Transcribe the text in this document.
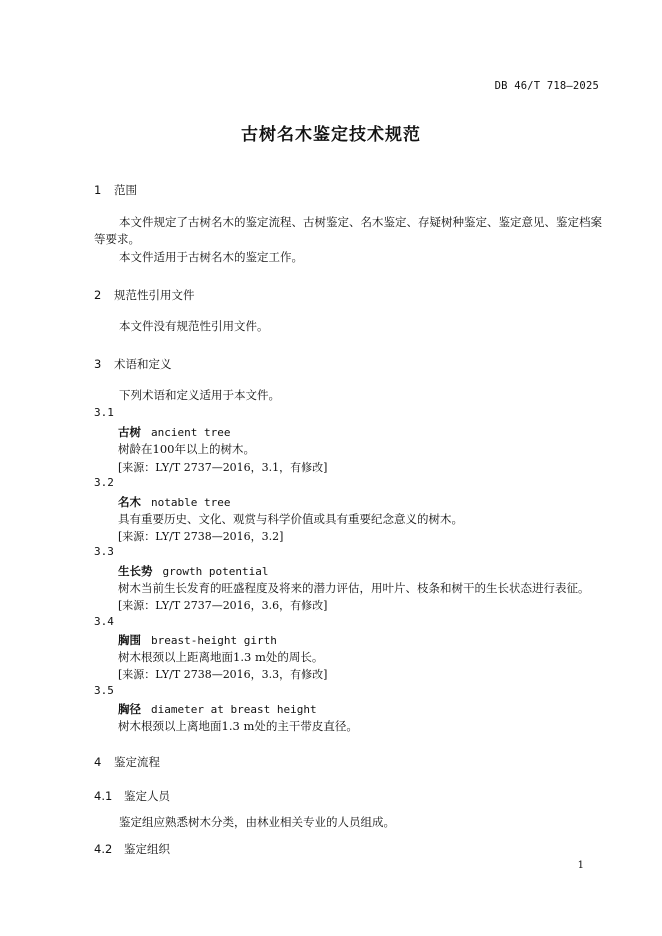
DB 46/T 718—2025
古树名木鉴定技术规范
1 范围
本文件规定了古树名木的鉴定流程、古树鉴定、名木鉴定、存疑树种鉴定、鉴定意见、鉴定档案等要求。
本文件适用于古树名木的鉴定工作。
2 规范性引用文件
本文件没有规范性引用文件。
3 术语和定义
下列术语和定义适用于本文件。
3.1
古树 ancient tree
树龄在100年以上的树木。
[来源：LY/T 2737—2016，3.1，有修改]
3.2
名木 notable tree
具有重要历史、文化、观赏与科学价值或具有重要纪念意义的树木。
[来源：LY/T 2738—2016，3.2]
3.3
生长势 growth potential
树木当前生长发育的旺盛程度及将来的潜力评估，用叶片、枝条和树干的生长状态进行表征。
[来源：LY/T 2737—2016，3.6，有修改]
3.4
胸围 breast-height girth
树木根颈以上距离地面1.3 m处的周长。
[来源：LY/T 2738—2016，3.3，有修改]
3.5
胸径 diameter at breast height
树木根颈以上离地面1.3 m处的主干带皮直径。
4 鉴定流程
4.1 鉴定人员
鉴定组应熟悉树木分类，由林业相关专业的人员组成。
4.2 鉴定组织
1
